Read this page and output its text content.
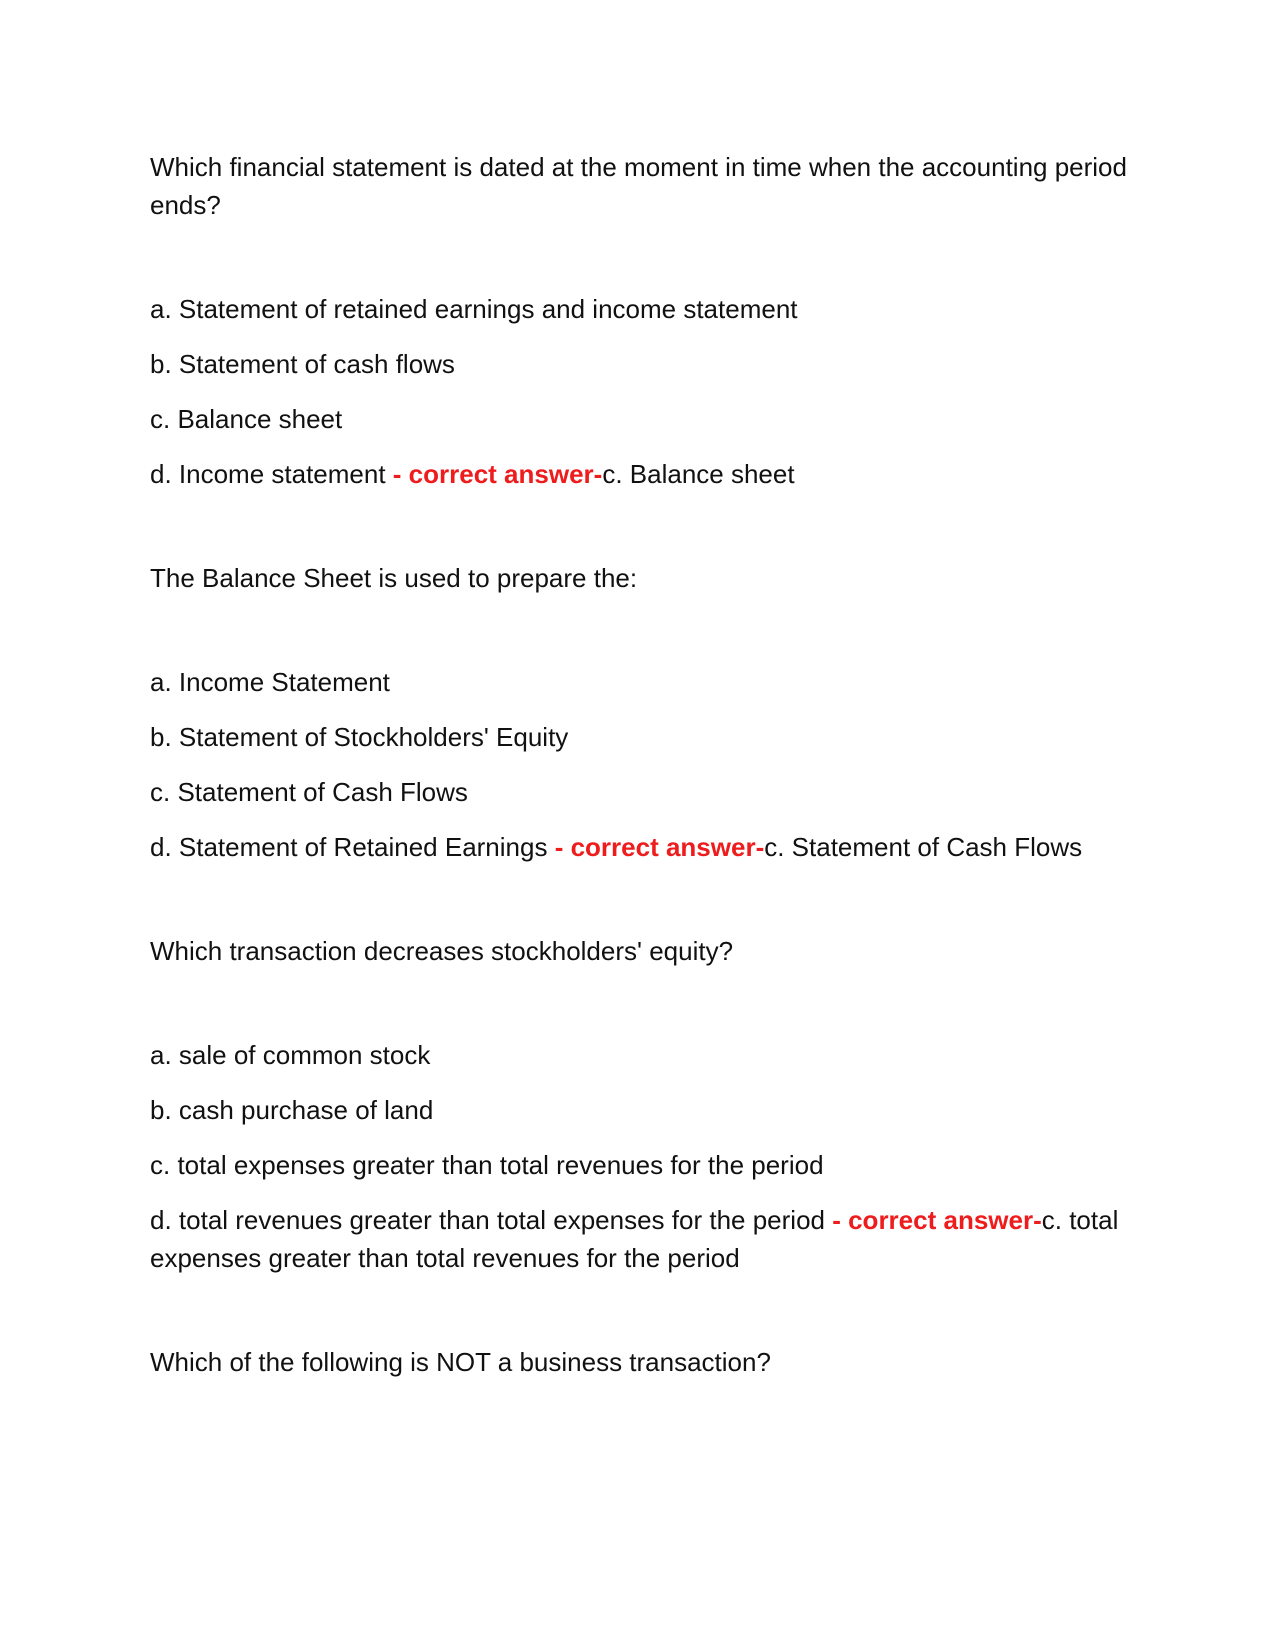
Which financial statement is dated at the moment in time when the accounting period ends?

a. Statement of retained earnings and income statement

b. Statement of cash flows

c. Balance sheet

d. Income statement - correct answer-c. Balance sheet

The Balance Sheet is used to prepare the:

a. Income Statement

b. Statement of Stockholders' Equity

c. Statement of Cash Flows

d. Statement of Retained Earnings - correct answer-c. Statement of Cash Flows

Which transaction decreases stockholders' equity?

a. sale of common stock

b. cash purchase of land

c. total expenses greater than total revenues for the period

d. total revenues greater than total expenses for the period - correct answer-c. total expenses greater than total revenues for the period

Which of the following is NOT a business transaction?
